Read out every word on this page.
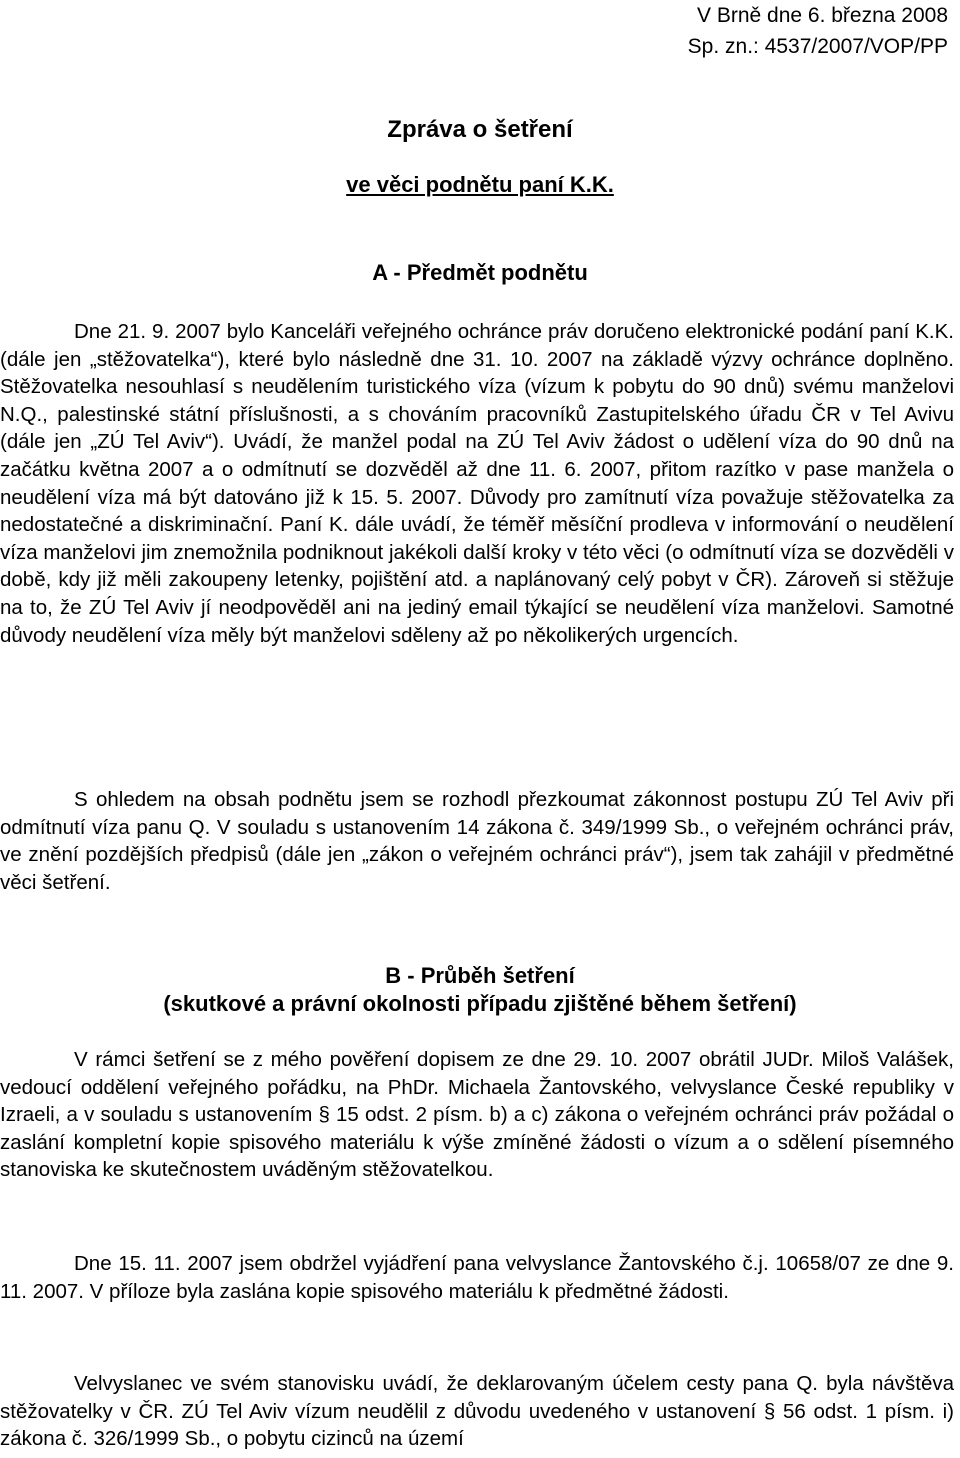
V Brně dne 6. března 2008
Sp. zn.: 4537/2007/VOP/PP
Zpráva o šetření
ve věci podnětu paní K.K.
A - Předmět podnětu

Dne 21. 9. 2007 bylo Kanceláři veřejného ochránce práv doručeno elektronické podání paní K.K. (dále jen „stěžovatelka“), které bylo následně dne 31. 10. 2007 na základě výzvy ochránce doplněno. Stěžovatelka nesouhlasí s neudělením turistického víza (vízum k pobytu do 90 dnů) svému manželovi N.Q., palestinské státní příslušnosti, a s chováním pracovníků Zastupitelského úřadu ČR v Tel Avivu (dále jen „ZÚ Tel Aviv“). Uvádí, že manžel podal na ZÚ Tel Aviv žádost o udělení víza do 90 dnů na začátku května 2007 a o odmítnutí se dozvěděl až dne 11. 6. 2007, přitom razítko v pase manžela o neudělení víza má být datováno již k 15. 5. 2007. Důvody pro zamítnutí víza považuje stěžovatelka za nedostatečné a diskriminační. Paní K. dále uvádí, že téměř měsíční prodleva v informování o neudělení víza manželovi jim znemožnila podniknout jakékoli další kroky v této věci (o odmítnutí víza se dozvěděli v době, kdy již měli zakoupeny letenky, pojištění atd. a naplánovaný celý pobyt v ČR). Zároveň si stěžuje na to, že ZÚ Tel Aviv jí neodpověděl ani na jediný email týkající se neudělení víza manželovi. Samotné důvody neudělení víza měly být manželovi sděleny až po několikerých urgencích.

S ohledem na obsah podnětu jsem se rozhodl přezkoumat zákonnost postupu ZÚ Tel Aviv při odmítnutí víza panu Q. V souladu s ustanovením 14 zákona č. 349/1999 Sb., o veřejném ochránci práv, ve znění pozdějších předpisů (dále jen „zákon o veřejném ochránci práv“), jsem tak zahájil v předmětné věci šetření.

B - Průběh šetření
(skutkové a právní okolnosti případu zjištěné během šetření)

V rámci šetření se z mého pověření dopisem ze dne 29. 10. 2007 obrátil JUDr. Miloš Valášek, vedoucí oddělení veřejného pořádku, na PhDr. Michaela Žantovského, velvyslance České republiky v Izraeli, a v souladu s ustanovením § 15 odst. 2 písm. b) a c) zákona o veřejném ochránci práv požádal o zaslání kompletní kopie spisového materiálu k výše zmíněné žádosti o vízum a o sdělení písemného stanoviska ke skutečnostem uváděným stěžovatelkou.

Dne 15. 11. 2007 jsem obdržel vyjádření pana velvyslance Žantovského č.j. 10658/07 ze dne 9. 11. 2007. V příloze byla zaslána kopie spisového materiálu k předmětné žádosti.

Velvyslanec ve svém stanovisku uvádí, že deklarovaným účelem cesty pana Q. byla návštěva stěžovatelky v ČR. ZÚ Tel Aviv vízum neudělil z důvodu uvedeného v ustanovení § 56 odst. 1 písm. i) zákona č. 326/1999 Sb., o pobytu cizinců na území
